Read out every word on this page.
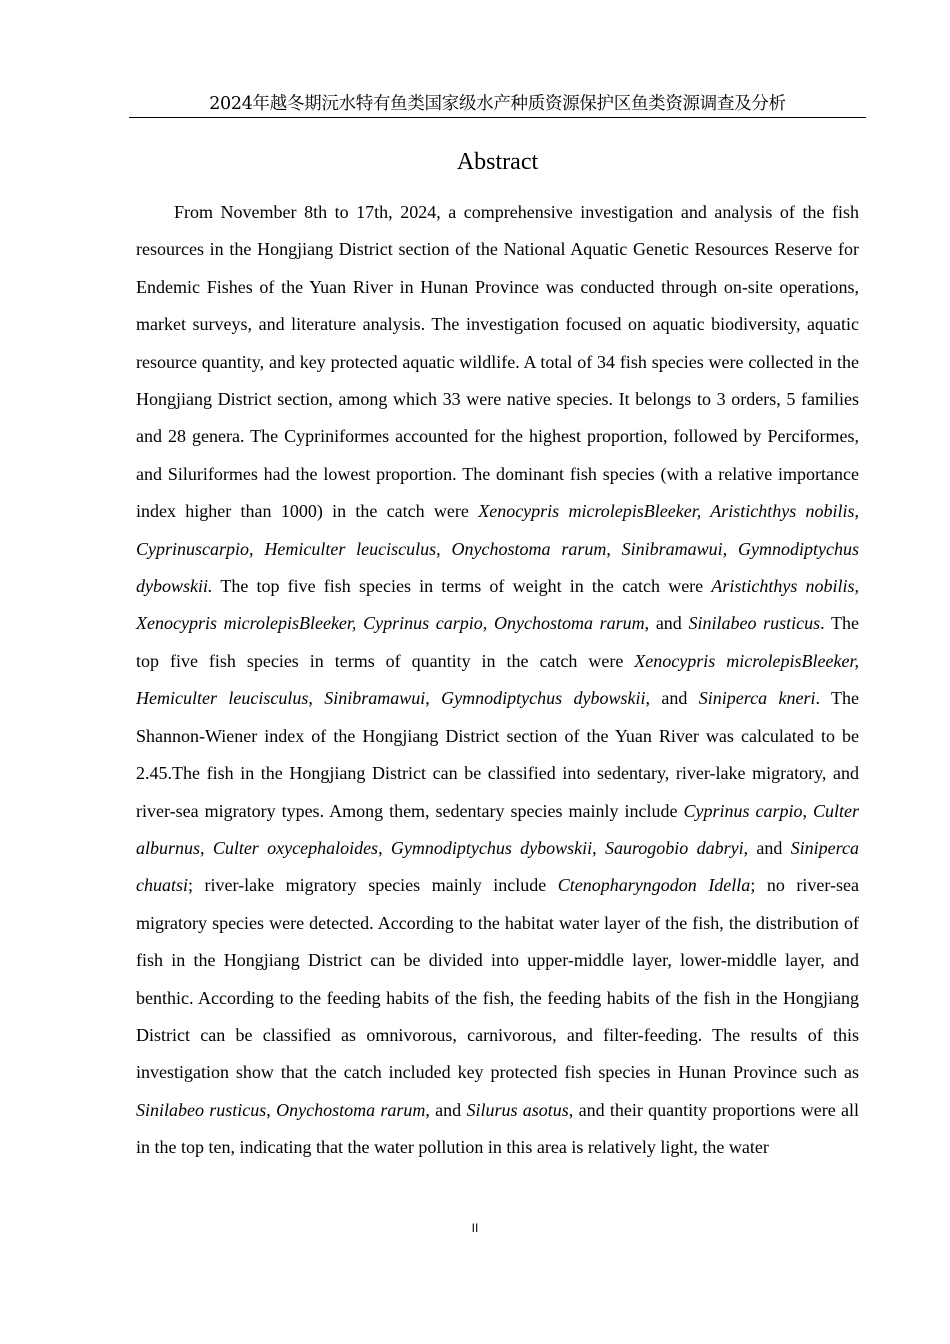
2024年越冬期沅水特有鱼类国家级水产种质资源保护区鱼类资源调查及分析
Abstract

From November 8th to 17th, 2024, a comprehensive investigation and analysis of the fish resources in the Hongjiang District section of the National Aquatic Genetic Resources Reserve for Endemic Fishes of the Yuan River in Hunan Province was conducted through on-site operations, market surveys, and literature analysis. The investigation focused on aquatic biodiversity, aquatic resource quantity, and key protected aquatic wildlife. A total of 34 fish species were collected in the Hongjiang District section, among which 33 were native species. It belongs to 3 orders, 5 families and 28 genera. The Cypriniformes accounted for the highest proportion, followed by Perciformes, and Siluriformes had the lowest proportion. The dominant fish species (with a relative importance index higher than 1000) in the catch were Xenocypris microlepisBleeker, Aristichthys nobilis, Cyprinuscarpio, Hemiculter leucisculus, Onychostoma rarum, Sinibramawui, Gymnodiptychus dybowskii. The top five fish species in terms of weight in the catch were Aristichthys nobilis, Xenocypris microlepisBleeker, Cyprinus carpio, Onychostoma rarum, and Sinilabeo rusticus. The top five fish species in terms of quantity in the catch were Xenocypris microlepisBleeker, Hemiculter leucisculus, Sinibramawui, Gymnodiptychus dybowskii, and Siniperca kneri. The Shannon-Wiener index of the Hongjiang District section of the Yuan River was calculated to be 2.45.The fish in the Hongjiang District can be classified into sedentary, river-lake migratory, and river-sea migratory types. Among them, sedentary species mainly include Cyprinus carpio, Culter alburnus, Culter oxycephaloides, Gymnodiptychus dybowskii, Saurogobio dabryi, and Siniperca chuatsi; river-lake migratory species mainly include Ctenopharyngodon Idella; no river-sea migratory species were detected. According to the habitat water layer of the fish, the distribution of fish in the Hongjiang District can be divided into upper-middle layer, lower-middle layer, and benthic. According to the feeding habits of the fish, the feeding habits of the fish in the Hongjiang District can be classified as omnivorous, carnivorous, and filter-feeding. The results of this investigation show that the catch included key protected fish species in Hunan Province such as Sinilabeo rusticus, Onychostoma rarum, and Silurus asotus, and their quantity proportions were all in the top ten, indicating that the water pollution in this area is relatively light, the water

II
